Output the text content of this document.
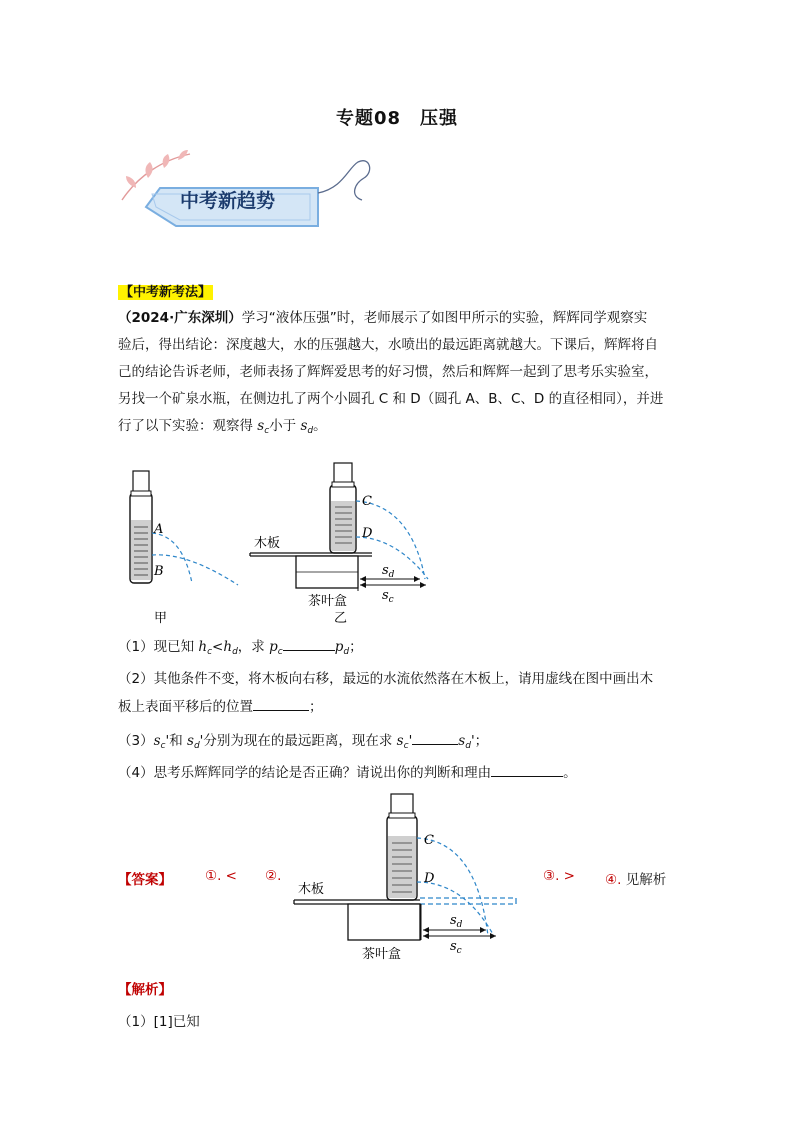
专题08　压强
中考新趋势
【中考新考法】

（2024·广东深圳）学习“液体压强”时，老师展示了如图甲所示的实验，辉辉同学观察实

验后，得出结论：深度越大，水的压强越大，水喷出的最远距离就越大。下课后，辉辉将自

己的结论告诉老师，老师表扬了辉辉爱思考的好习惯，然后和辉辉一起到了思考乐实验室，

另找一个矿泉水瓶，在侧边扎了两个小圆孔 C 和 D（圆孔 A、B、C、D 的直径相同），并进

行了以下实验：观察得 $s_c$小于 $s_d$。

A
B
甲
木板
茶叶盒
乙
C
D
$s_d$
$s_c$
（1）现已知 $h_c<h_d$，求 $p_c$	$p_d$；
（2）其他条件不变，将木板向右移，最远的水流依然落在木板上，请用虚线在图中画出木
板上表面平移后的位置	；
$(3)s_c'$和 $s_d'$分别为现在的最远距离，现在求 $s_c'$	$s_d'$；
（4）思考乐辉辉同学的结论是否正确？请说出你的判断和理由	。
【答案】 ①. < ②.	③. > ④. 见解析
C
D
木板
茶叶盒
$s_d$
$s_c$
【解析】
（1）[1]已知
